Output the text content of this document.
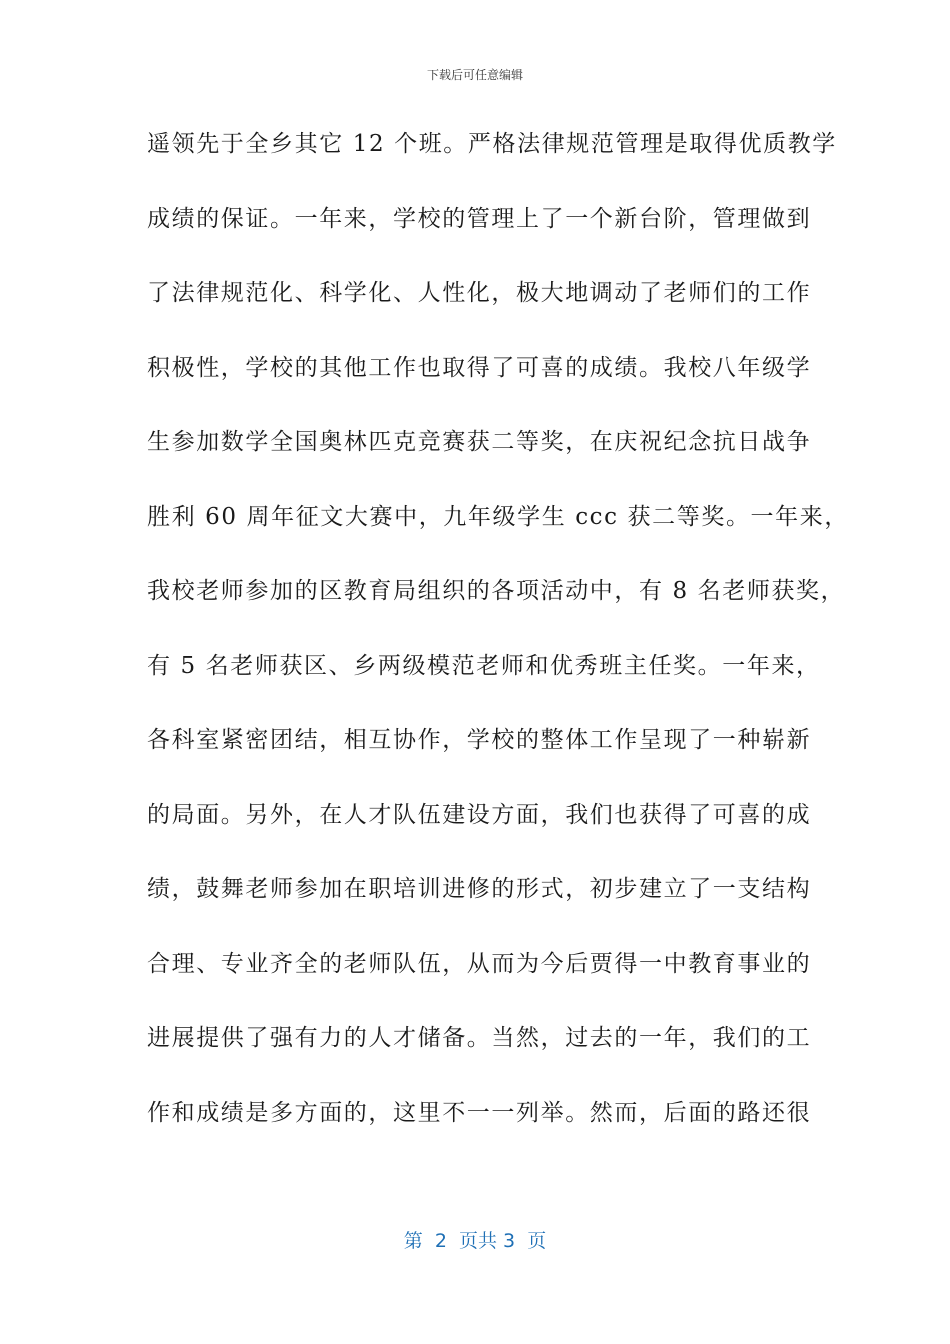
下载后可任意编辑
遥领先于全乡其它 12 个班。严格法律规范管理是取得优质教学
成绩的保证。一年来，学校的管理上了一个新台阶，管理做到
了法律规范化、科学化、人性化，极大地调动了老师们的工作
积极性，学校的其他工作也取得了可喜的成绩。我校八年级学
生参加数学全国奥林匹克竞赛获二等奖，在庆祝纪念抗日战争
胜利 60 周年征文大赛中，九年级学生 ccc 获二等奖。一年来，
我校老师参加的区教育局组织的各项活动中，有 8 名老师获奖，
有 5 名老师获区、乡两级模范老师和优秀班主任奖。一年来，
各科室紧密团结，相互协作，学校的整体工作呈现了一种崭新
的局面。另外，在人才队伍建设方面，我们也获得了可喜的成
绩，鼓舞老师参加在职培训进修的形式，初步建立了一支结构
合理、专业齐全的老师队伍，从而为今后贾得一中教育事业的
进展提供了强有力的人才储备。当然，过去的一年，我们的工
作和成绩是多方面的，这里不一一列举。然而，后面的路还很
第  2  页共 3  页
